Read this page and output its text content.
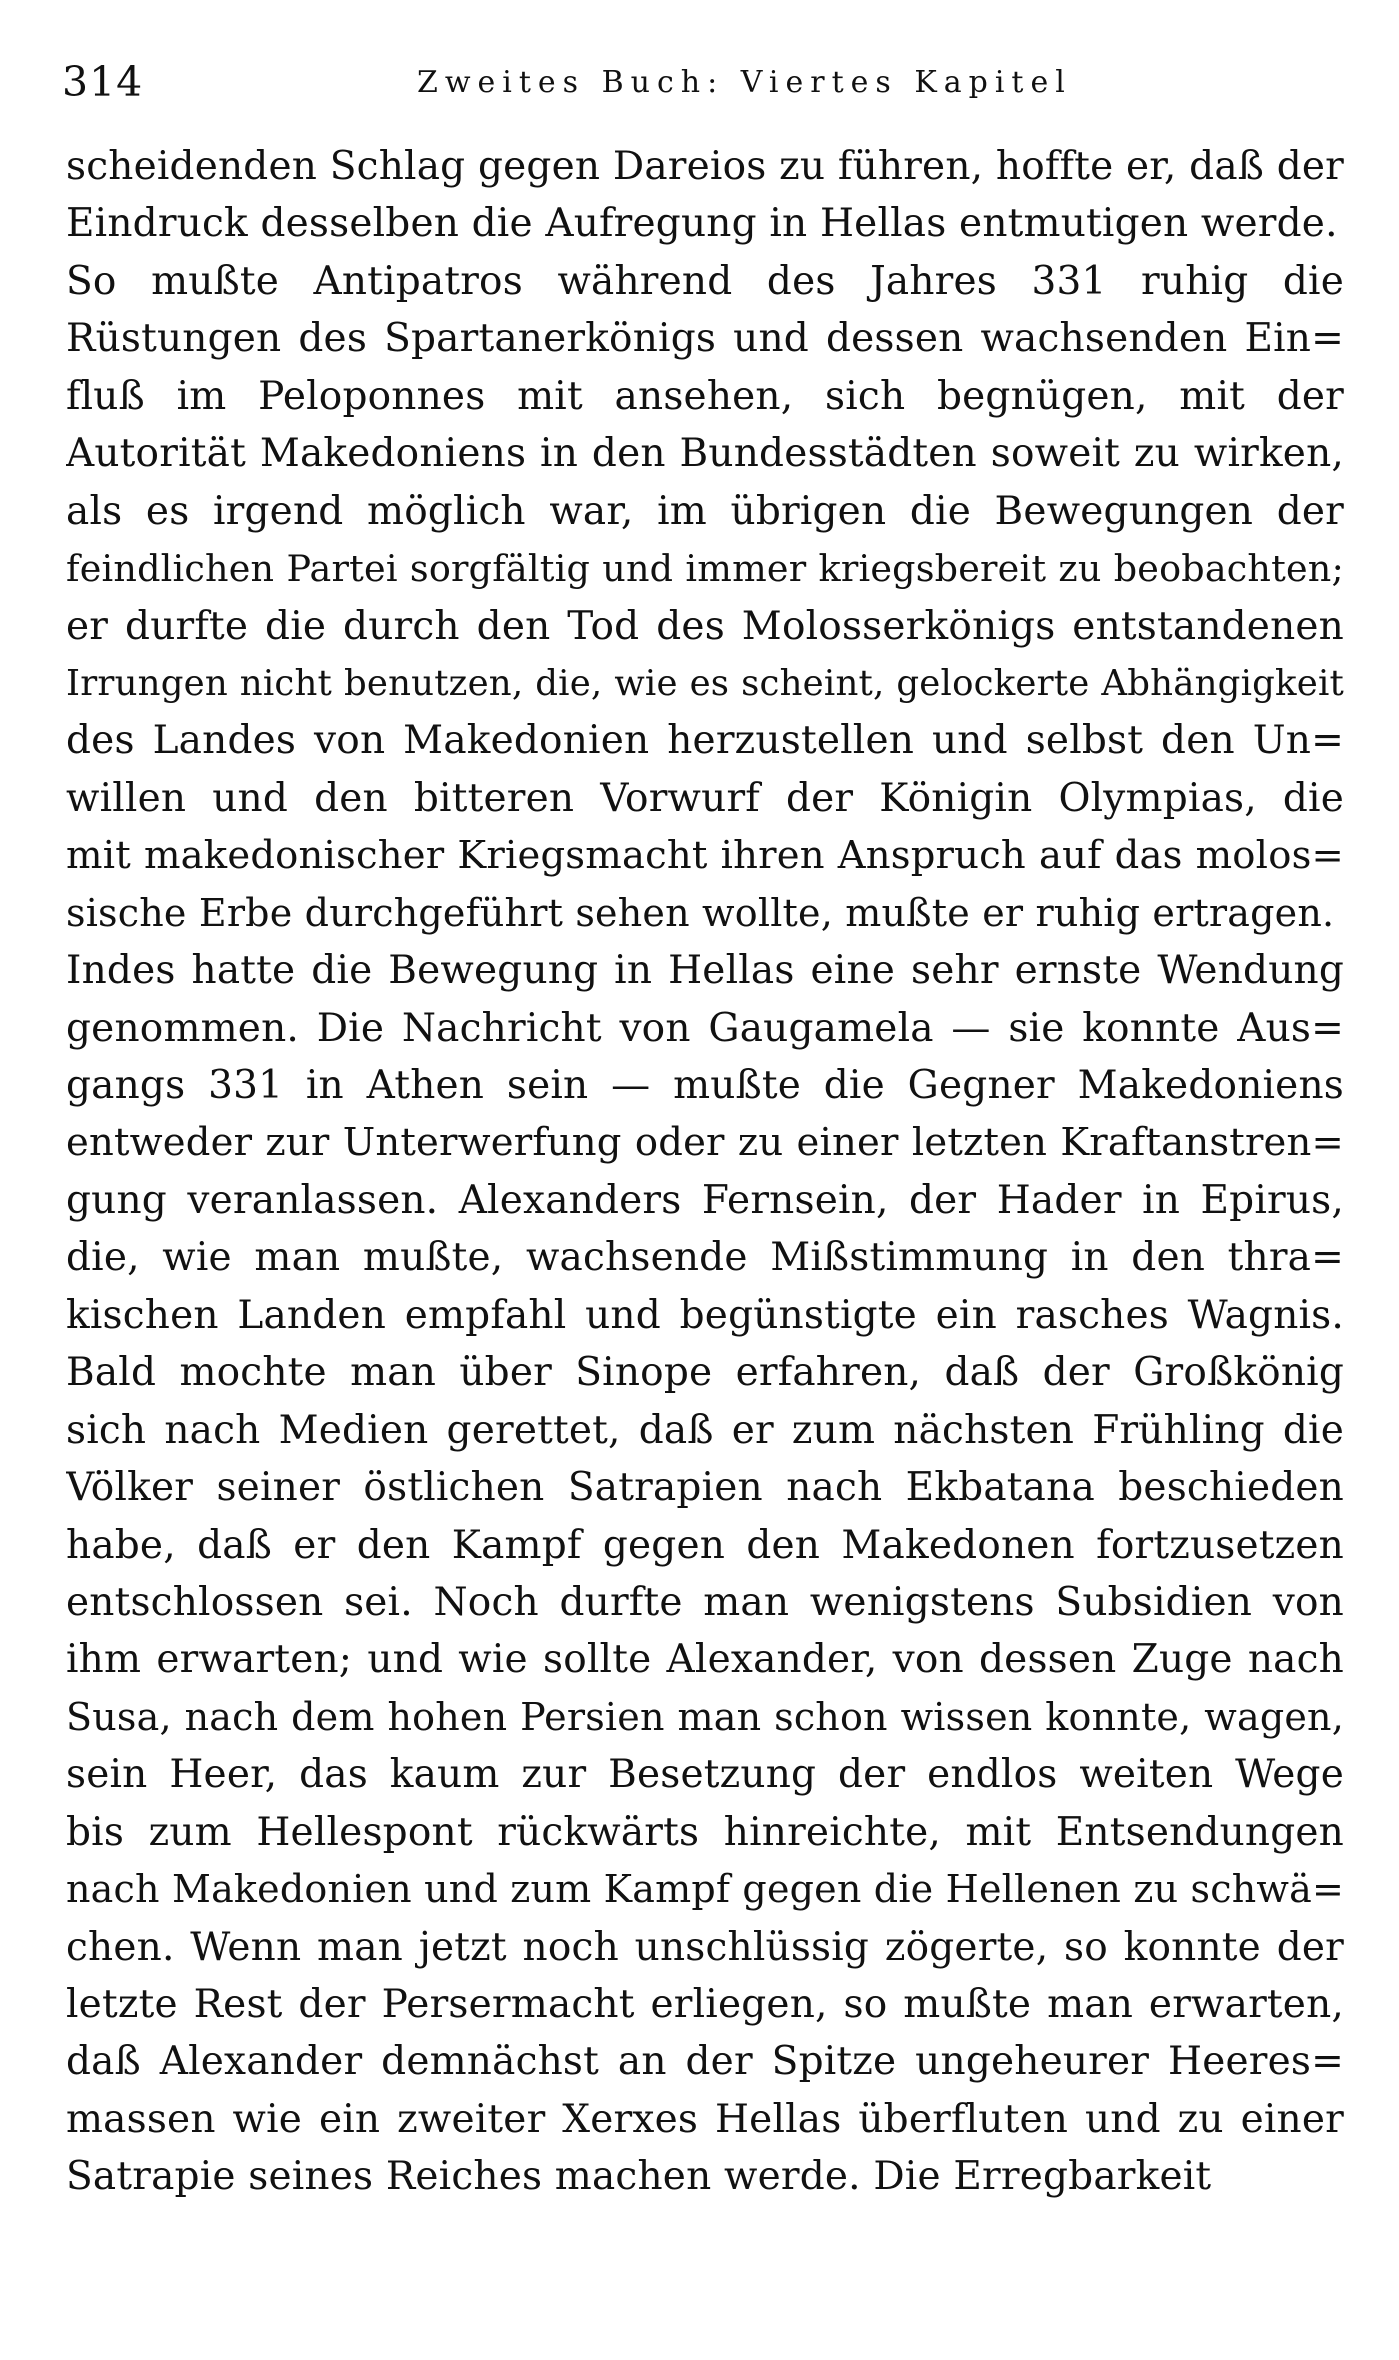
314	Zweites Buch: Viertes Kapitel
scheidenden Schlag gegen Dareios zu führen, hoffte er, daß der
Eindruck desselben die Aufregung in Hellas entmutigen werde.
So mußte Antipatros während des Jahres 331 ruhig die
Rüstungen des Spartanerkönigs und dessen wachsenden Ein=
fluß im Peloponnes mit ansehen, sich begnügen, mit der
Autorität Makedoniens in den Bundesstädten soweit zu wirken,
als es irgend möglich war, im übrigen die Bewegungen der
feindlichen Partei sorgfältig und immer kriegsbereit zu beobachten;
er durfte die durch den Tod des Molosserkönigs entstandenen
Irrungen nicht benutzen, die, wie es scheint, gelockerte Abhängigkeit
des Landes von Makedonien herzustellen und selbst den Un=
willen und den bitteren Vorwurf der Königin Olympias, die
mit makedonischer Kriegsmacht ihren Anspruch auf das molos=
sische Erbe durchgeführt sehen wollte, mußte er ruhig ertragen.
Indes hatte die Bewegung in Hellas eine sehr ernste Wendung
genommen. Die Nachricht von Gaugamela — sie konnte Aus=
gangs 331 in Athen sein — mußte die Gegner Makedoniens
entweder zur Unterwerfung oder zu einer letzten Kraftanstren=
gung veranlassen. Alexanders Fernsein, der Hader in Epirus,
die, wie man mußte, wachsende Mißstimmung in den thra=
kischen Landen empfahl und begünstigte ein rasches Wagnis.
Bald mochte man über Sinope erfahren, daß der Großkönig
sich nach Medien gerettet, daß er zum nächsten Frühling die
Völker seiner östlichen Satrapien nach Ekbatana beschieden
habe, daß er den Kampf gegen den Makedonen fortzusetzen
entschlossen sei. Noch durfte man wenigstens Subsidien von
ihm erwarten; und wie sollte Alexander, von dessen Zuge nach
Susa, nach dem hohen Persien man schon wissen konnte, wagen,
sein Heer, das kaum zur Besetzung der endlos weiten Wege
bis zum Hellespont rückwärts hinreichte, mit Entsendungen
nach Makedonien und zum Kampf gegen die Hellenen zu schwä=
chen. Wenn man jetzt noch unschlüssig zögerte, so konnte der
letzte Rest der Persermacht erliegen, so mußte man erwarten,
daß Alexander demnächst an der Spitze ungeheurer Heeres=
massen wie ein zweiter Xerxes Hellas überfluten und zu einer
Satrapie seines Reiches machen werde. Die Erregbarkeit
